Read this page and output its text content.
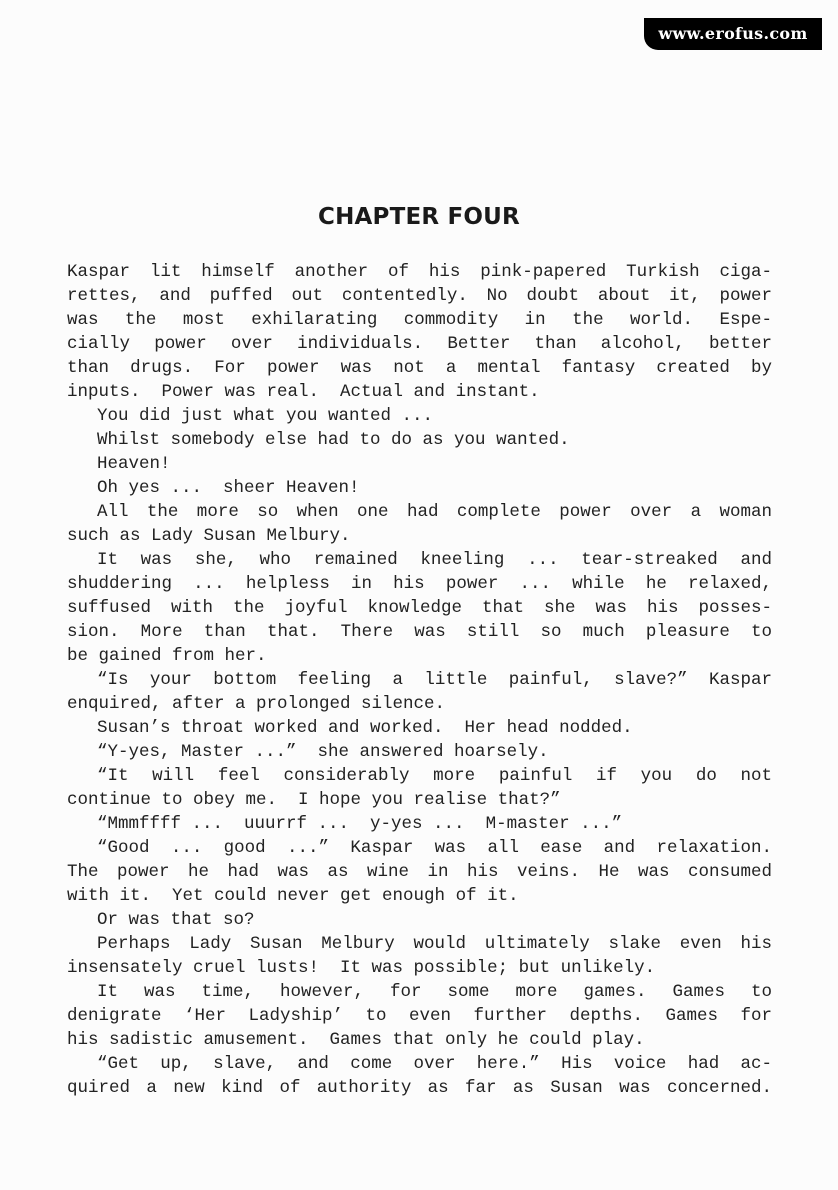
www.erofus.com
CHAPTER FOUR
Kaspar lit himself another of his pink-papered Turkish ciga-
rettes, and puffed out contentedly. No doubt about it, power
was the most exhilarating commodity in the world. Espe-
cially power over individuals. Better than alcohol, better
than drugs. For power was not a mental fantasy created by
inputs.  Power was real.  Actual and instant.
You did just what you wanted ...
Whilst somebody else had to do as you wanted.
Heaven!
Oh yes ...  sheer Heaven!
All the more so when one had complete power over a woman
such as Lady Susan Melbury.
It was she, who remained kneeling ... tear-streaked and
shuddering ... helpless in his power ... while he relaxed,
suffused with the joyful knowledge that she was his posses-
sion. More than that. There was still so much pleasure to
be gained from her.
“Is your bottom feeling a little painful, slave?” Kaspar
enquired, after a prolonged silence.
Susan’s throat worked and worked.  Her head nodded.
“Y-yes, Master ...”  she answered hoarsely.
“It will feel considerably more painful if you do not
continue to obey me.  I hope you realise that?”
“Mmmffff ...  uuurrf ...  y-yes ...  M-master ...”
“Good ... good ...” Kaspar was all ease and relaxation.
The power he had was as wine in his veins. He was consumed
with it.  Yet could never get enough of it.
Or was that so?
Perhaps Lady Susan Melbury would ultimately slake even his
insensately cruel lusts!  It was possible; but unlikely.
It was time, however, for some more games. Games to
denigrate ‘Her Ladyship’ to even further depths. Games for
his sadistic amusement.  Games that only he could play.
“Get up, slave, and come over here.” His voice had ac-
quired a new kind of authority as far as Susan was concerned.
